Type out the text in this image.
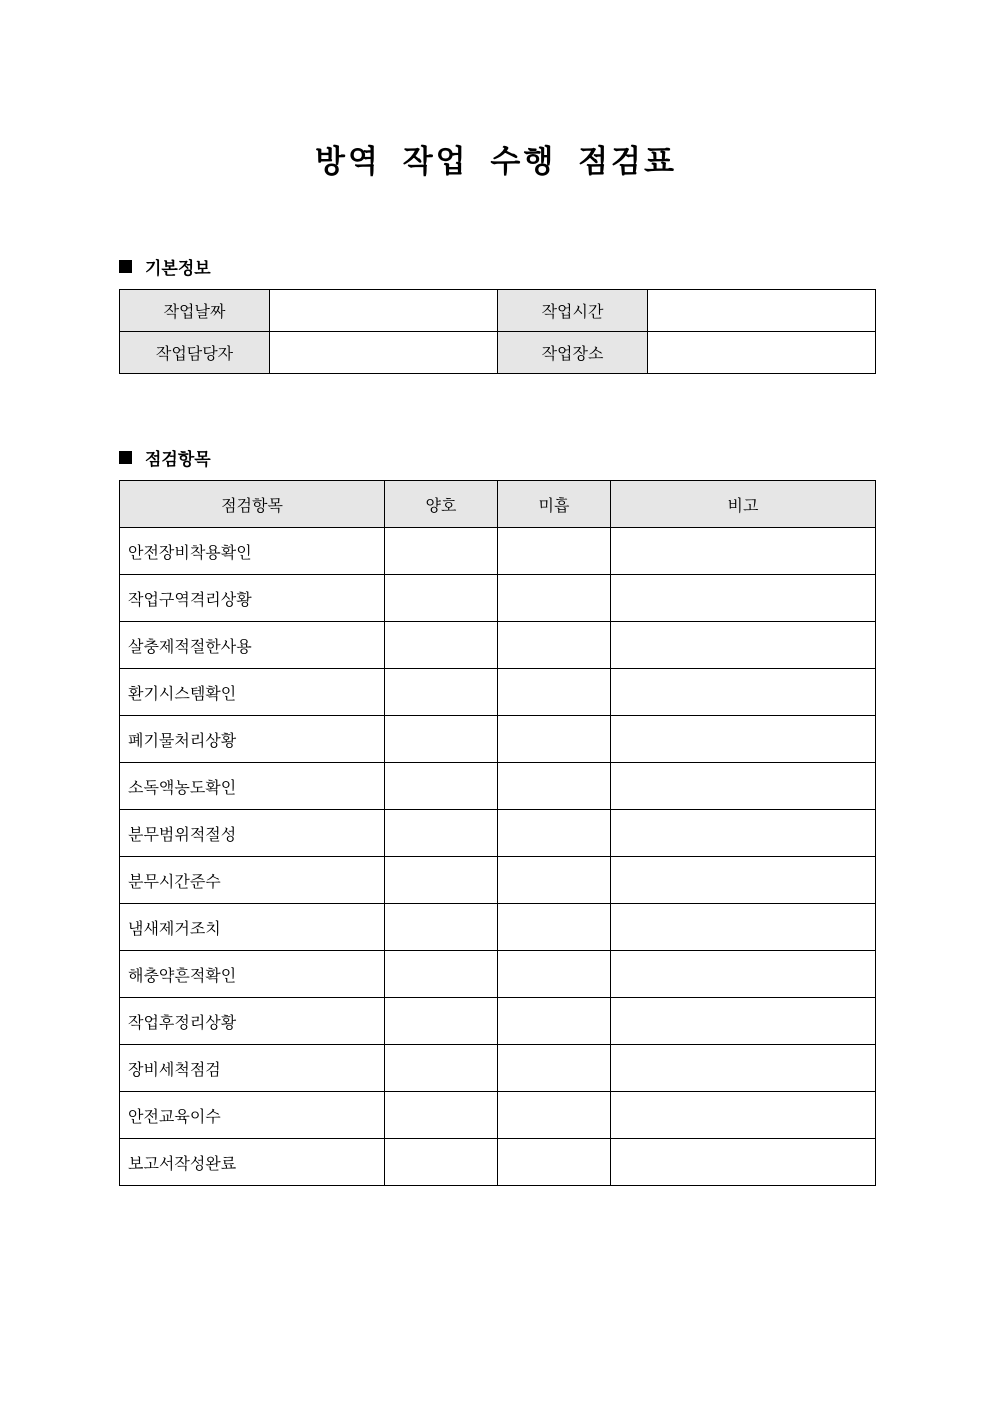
방역 작업 수행 점검표
기본정보
작업날짜		작업시간	
작업담당자		작업장소	
점검항목
점검항목	양호	미흡	비고
안전장비착용확인			
작업구역격리상황			
살충제적절한사용			
환기시스템확인			
폐기물처리상황			
소독액농도확인			
분무범위적절성			
분무시간준수			
냄새제거조치			
해충약흔적확인			
작업후정리상황			
장비세척점검			
안전교육이수			
보고서작성완료			
